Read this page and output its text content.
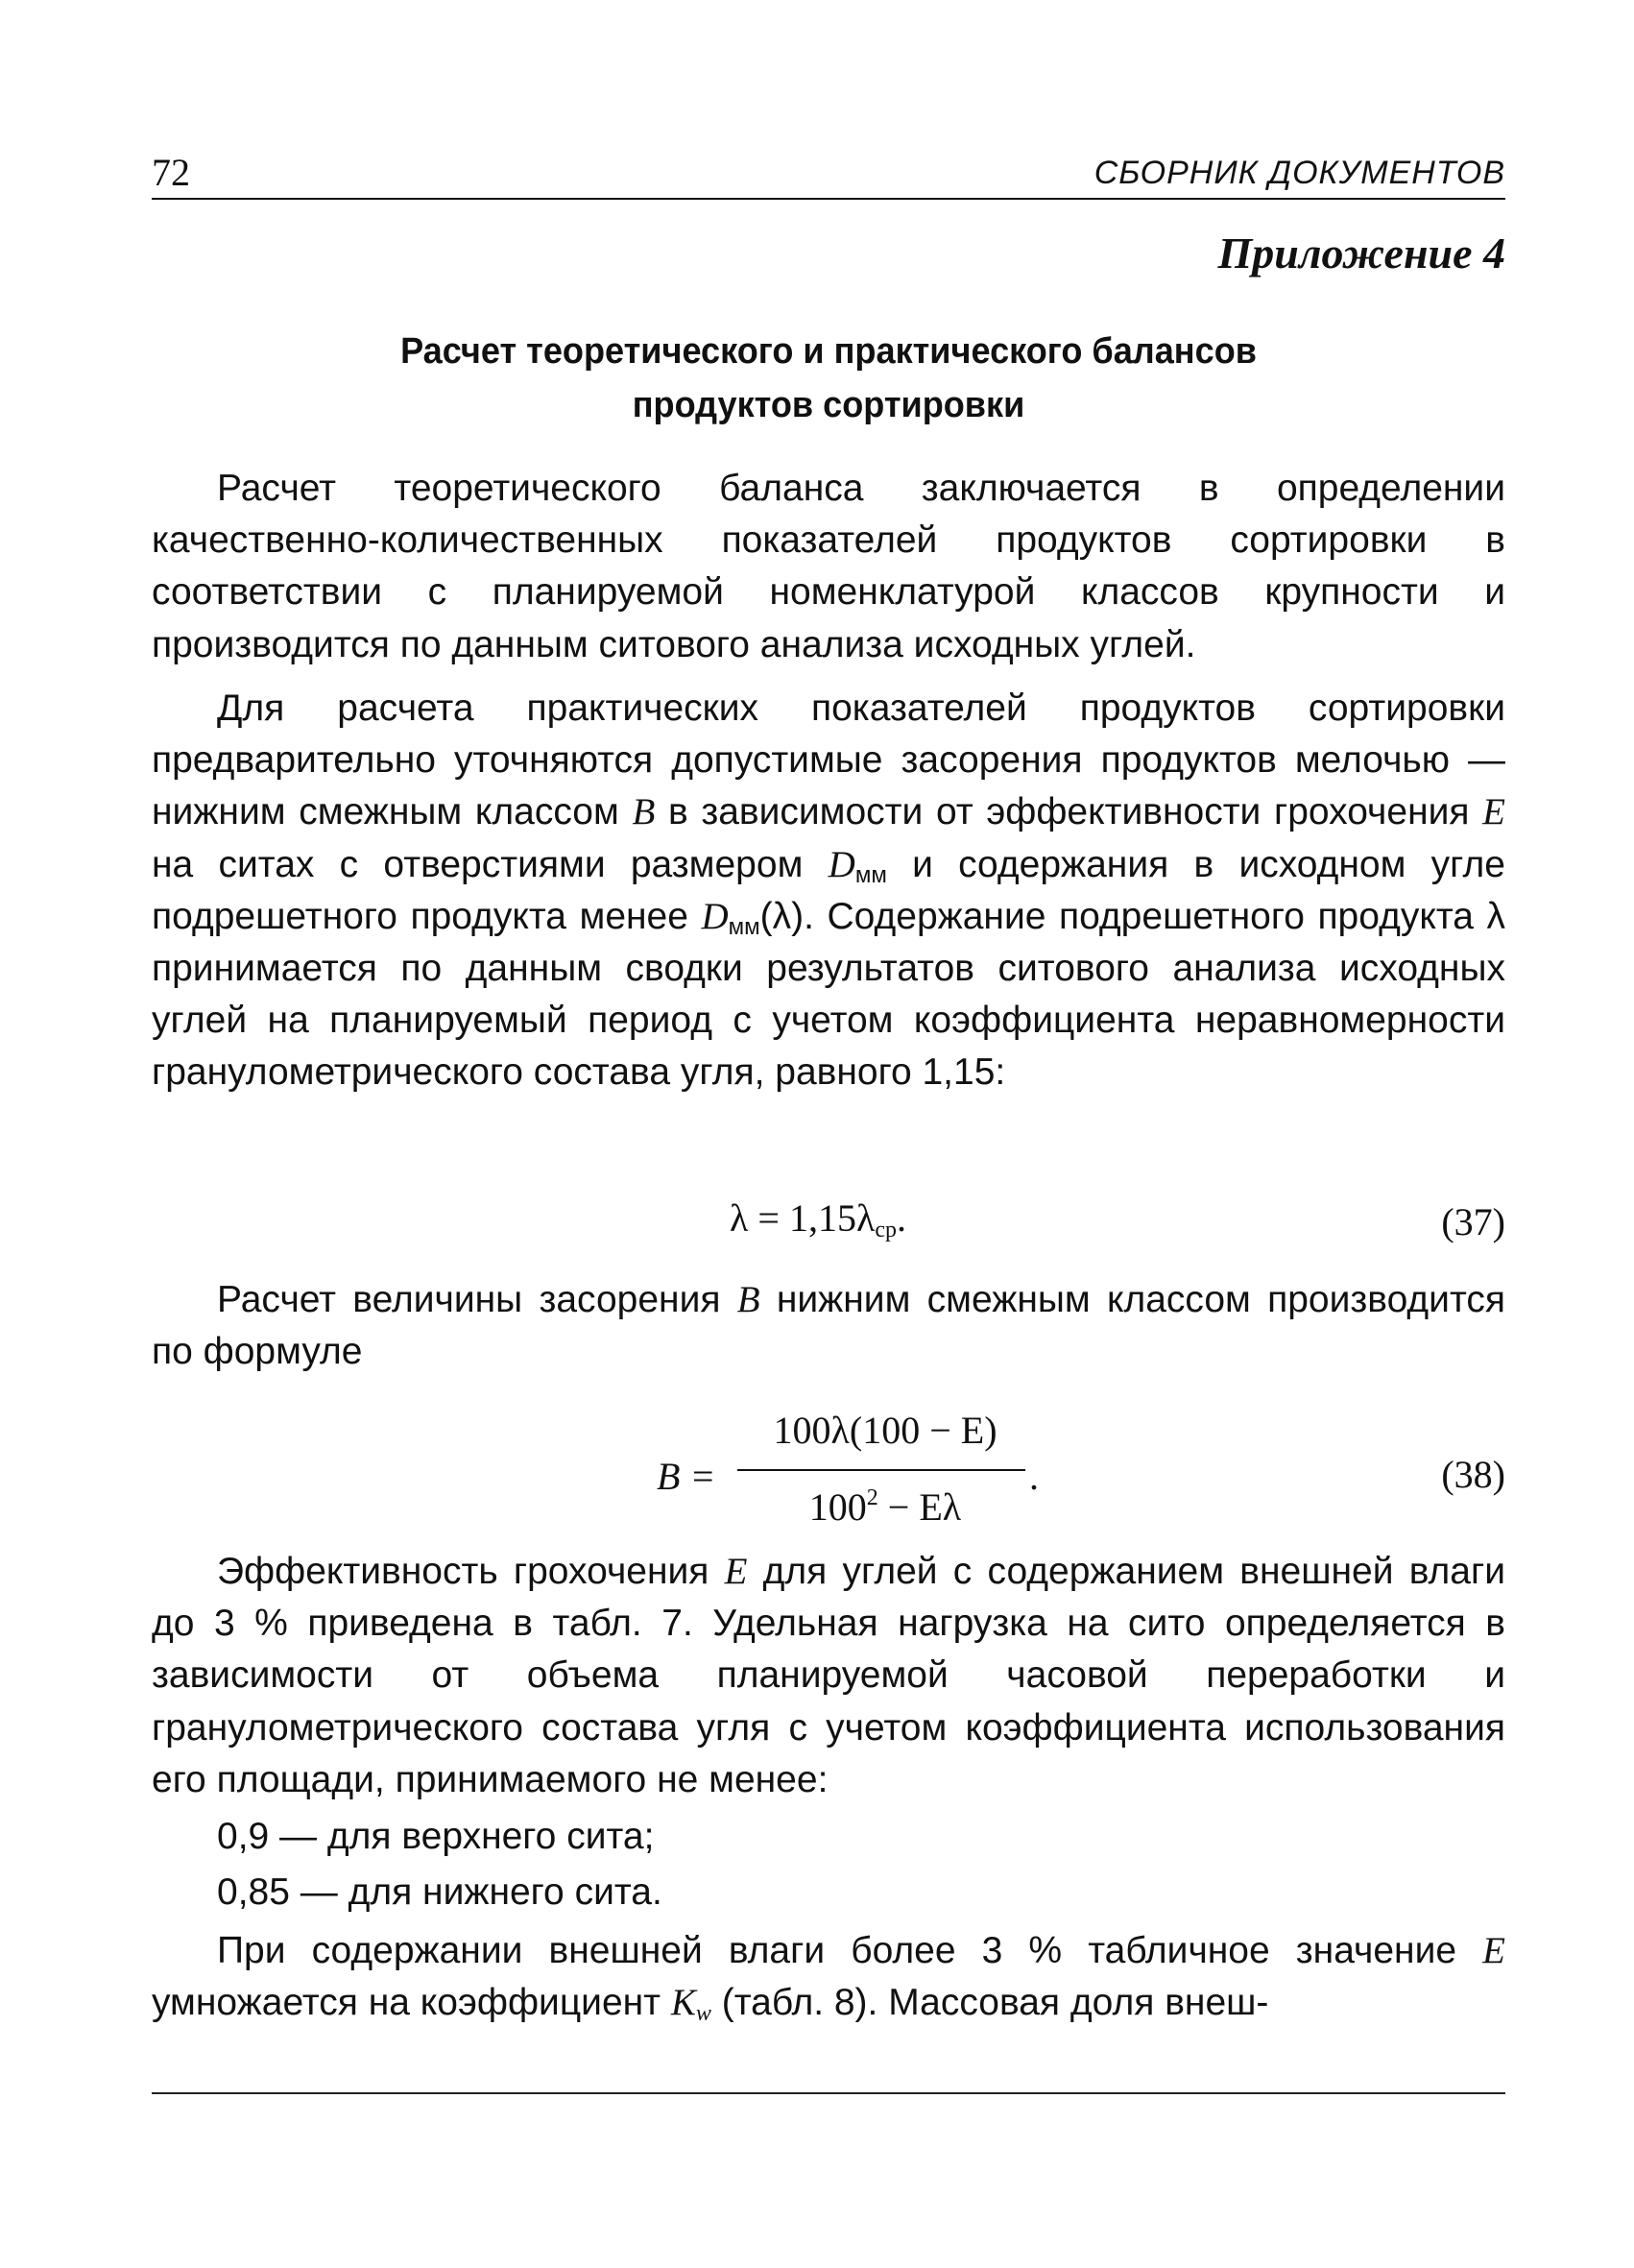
72	СБОРНИК ДОКУМЕНТОВ
Приложение 4
Расчет теоретического и практического балансов
продуктов сортировки

Расчет теоретического баланса заключается в определении качественно-количественных показателей продуктов сортировки в соответствии с планируемой номенклатурой классов крупности и производится по данным ситового анализа исходных углей.

Для расчета практических показателей продуктов сортировки предварительно уточняются допустимые засорения продуктов мелочью — нижним смежным классом B в зависимости от эффективности грохочения E на ситах с отверстиями размером $D_{мм}$ и содержания в исходном угле подрешетного продукта менее $D_{мм}(\lambda)$. Содержание подрешетного продукта λ принимается по данным сводки результатов ситового анализа исходных углей на планируемый период с учетом коэффициента неравномерности гранулометрического состава угля, равного 1,15:

$\lambda = 1,15\lambda_{ср}$.	(37)

Расчет величины засорения B нижним смежным классом производится по формуле

B =
100λ(100 − E)
$100^2 - E\lambda$
.	(38)

Эффективность грохочения E для углей с содержанием внешней влаги до 3 % приведена в табл. 7. Удельная нагрузка на сито определяется в зависимости от объема планируемой часовой переработки и гранулометрического состава угля с учетом коэффициента использования его площади, принимаемого не менее:

0,9 — для верхнего сита;
0,85 — для нижнего сита.

При содержании внешней влаги более 3 % табличное значение E умножается на коэффициент $K_w$ (табл. 8). Массовая доля внеш-
